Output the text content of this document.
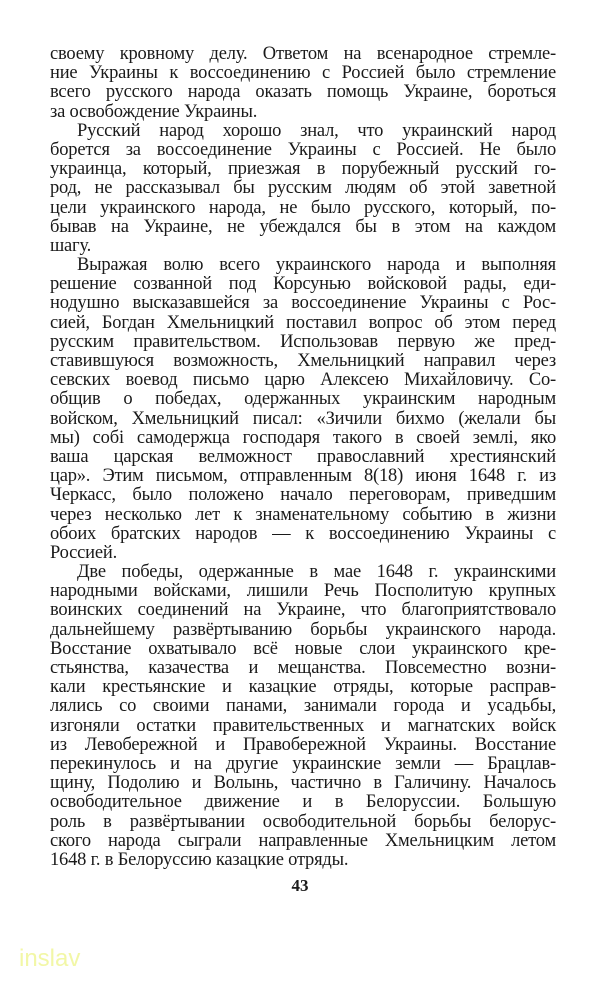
своему кровному делу. Ответом на всенародное стремле-
ние Украины к воссоединению с Россией было стремление
всего русского народа оказать помощь Украине, бороться
за освобождение Украины.
Русский народ хорошо знал, что украинский народ
борется за воссоединение Украины с Россией. Не было
украинца, который, приезжая в порубежный русский го-
род, не рассказывал бы русским людям об этой заветной
цели украинского народа, не было русского, который, по-
бывав на Украине, не убеждался бы в этом на каждом
шагу.
Выражая волю всего украинского народа и выполняя
решение созванной под Корсунью войсковой рады, еди-
нодушно высказавшейся за воссоединение Украины с Рос-
сией, Богдан Хмельницкий поставил вопрос об этом перед
русским правительством. Использовав первую же пред-
ставившуюся возможность, Хмельницкий направил через
севских воевод письмо царю Алексею Михайловичу. Со-
общив о победах, одержанных украинским народным
войском, Хмельницкий писал: «Зичили бихмо (желали бы
мы) собі самодержца господаря такого в своей землі, яко
ваша царская велможност православний хрестиянский
цар». Этим письмом, отправленным 8(18) июня 1648 г. из
Черкасс, было положено начало переговорам, приведшим
через несколько лет к знаменательному событию в жизни
обоих братских народов — к воссоединению Украины с
Россией.
Две победы, одержанные в мае 1648 г. украинскими
народными войсками, лишили Речь Посполитую крупных
воинских соединений на Украине, что благоприятствовало
дальнейшему развёртыванию борьбы украинского народа.
Восстание охватывало всё новые слои украинского кре-
стьянства, казачества и мещанства. Повсеместно возни-
кали крестьянские и казацкие отряды, которые расправ-
лялись со своими панами, занимали города и усадьбы,
изгоняли остатки правительственных и магнатских войск
из Левобережной и Правобережной Украины. Восстание
перекинулось и на другие украинские земли — Брацлав-
щину, Подолию и Волынь, частично в Галичину. Началось
освободительное движение и в Белоруссии. Большую
роль в развёртывании освободительной борьбы белорус-
ского народа сыграли направленные Хмельницким летом
1648 г. в Белоруссию казацкие отряды.
43
inslav
